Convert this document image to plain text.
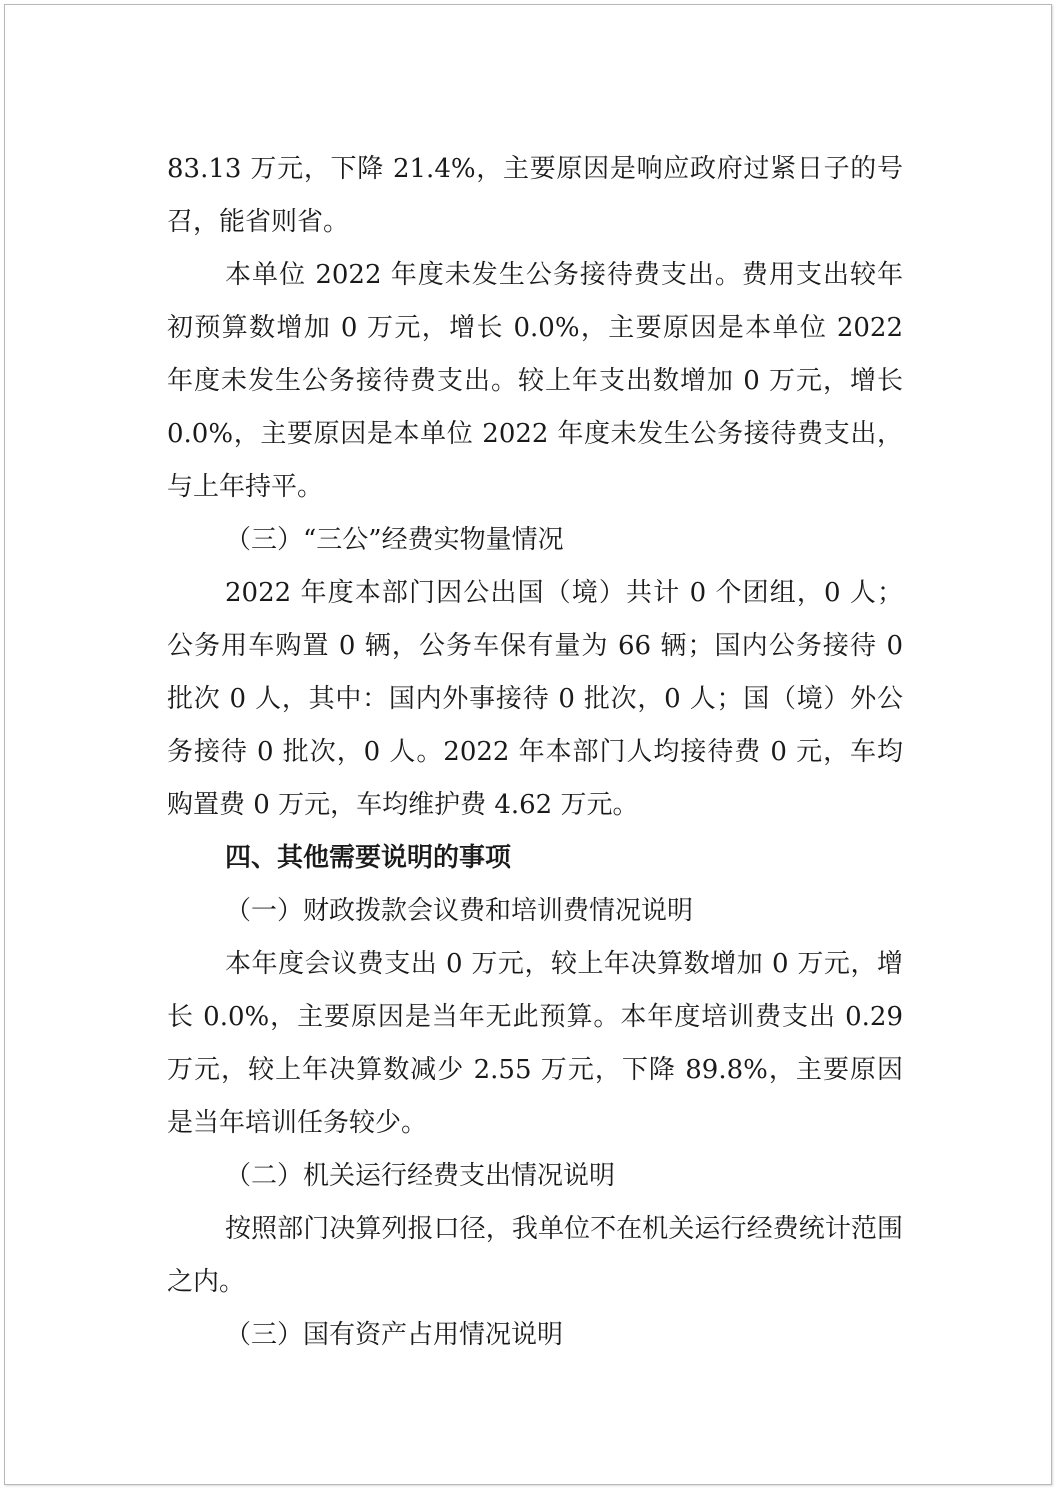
83.13 万元，下降 21.4%，主要原因是响应政府过紧日子的号召，能省则省。

本单位 2022 年度未发生公务接待费支出。费用支出较年初预算数增加 0 万元，增长 0.0%，主要原因是本单位 2022 年度未发生公务接待费支出。较上年支出数增加 0 万元，增长 0.0%，主要原因是本单位 2022 年度未发生公务接待费支出，与上年持平。

（三）“三公”经费实物量情况

2022 年度本部门因公出国（境）共计 0 个团组，0 人；公务用车购置 0 辆，公务车保有量为 66 辆；国内公务接待 0 批次 0 人，其中：国内外事接待 0 批次，0 人；国（境）外公务接待 0 批次，0 人。2022 年本部门人均接待费 0 元，车均购置费 0 万元，车均维护费 4.62 万元。

四、其他需要说明的事项

（一）财政拨款会议费和培训费情况说明

本年度会议费支出 0 万元，较上年决算数增加 0 万元，增长 0.0%，主要原因是当年无此预算。本年度培训费支出 0.29 万元，较上年决算数减少 2.55 万元，下降 89.8%，主要原因是当年培训任务较少。

（二）机关运行经费支出情况说明

按照部门决算列报口径，我单位不在机关运行经费统计范围之内。

（三）国有资产占用情况说明
